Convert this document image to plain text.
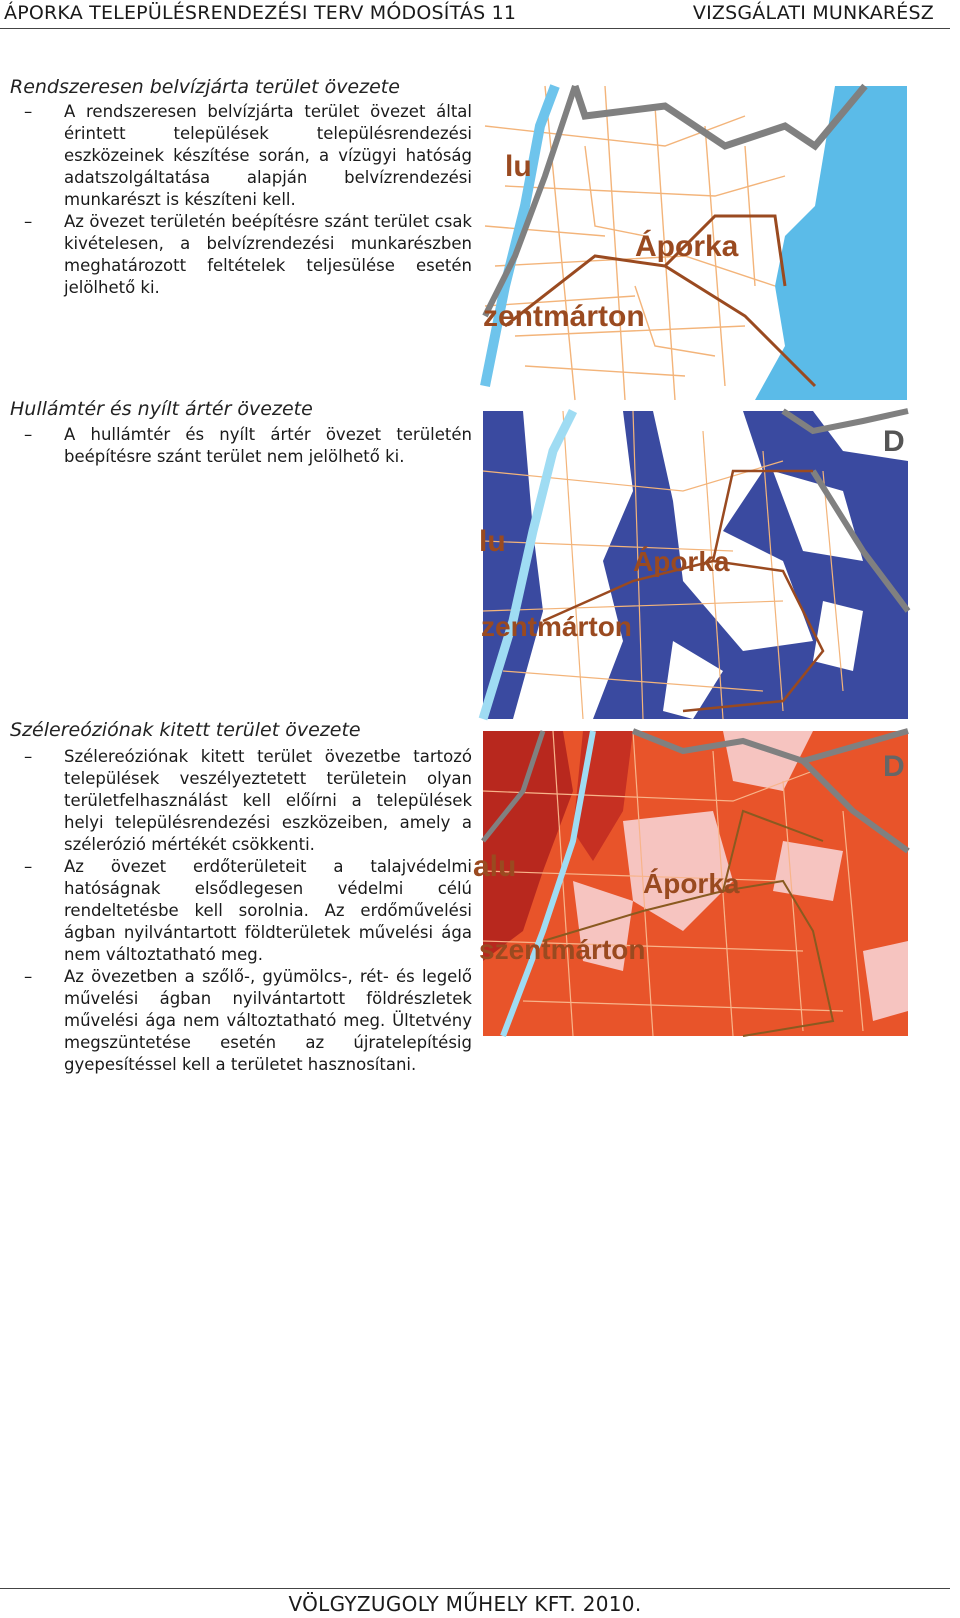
ÁPORKA TELEPÜLÉSRENDEZÉSI TERV MÓDOSÍTÁS 11	VIZSGÁLATI MUNKARÉSZ
Rendszeresen belvízjárta terület övezete
– A rendszeresen belvízjárta terület övezet által érintett települések településrendezési eszközeinek készítése során, a vízügyi hatóság adatszolgáltatása alapján belvízrendezési munkarészt is készíteni kell.
– Az övezet területén beépítésre szánt terület csak kivételesen, a belvízrendezési munkarészben meghatározott feltételek teljesülése esetén jelölhető ki.
Hullámtér és nyílt ártér övezete
– A hullámtér és nyílt ártér övezet területén beépítésre szánt terület nem jelölhető ki.
Szélereóziónak kitett terület övezete
– Szélereóziónak kitett terület övezetbe tartozó települések veszélyeztetett területein olyan területfelhasználást kell előírni a települések helyi településrendezési eszközeiben, amely a szélerózió mértékét csökkenti.
– Az övezet erdőterületeit a talajvédelmi hatóságnak elsődlegesen védelmi célú rendeltetésbe kell sorolnia. Az erdőművelési ágban nyilvántartott földterületek művelési ága nem változtatható meg.
– Az övezetben a szőlő-, gyümölcs-, rét- és legelő művelési ágban nyilvántartott földrészletek művelési ága nem változtatható meg. Ültetvény megszüntetése esetén az újratelepítésig gyepesítéssel kell a területet hasznosítani.
lu
Áporka
zentmárton
D
lu
Áporka
zentmárton
D
alu
Áporka
szentmárton
VÖLGYZUGOLY MŰHELY KFT. 2010.
